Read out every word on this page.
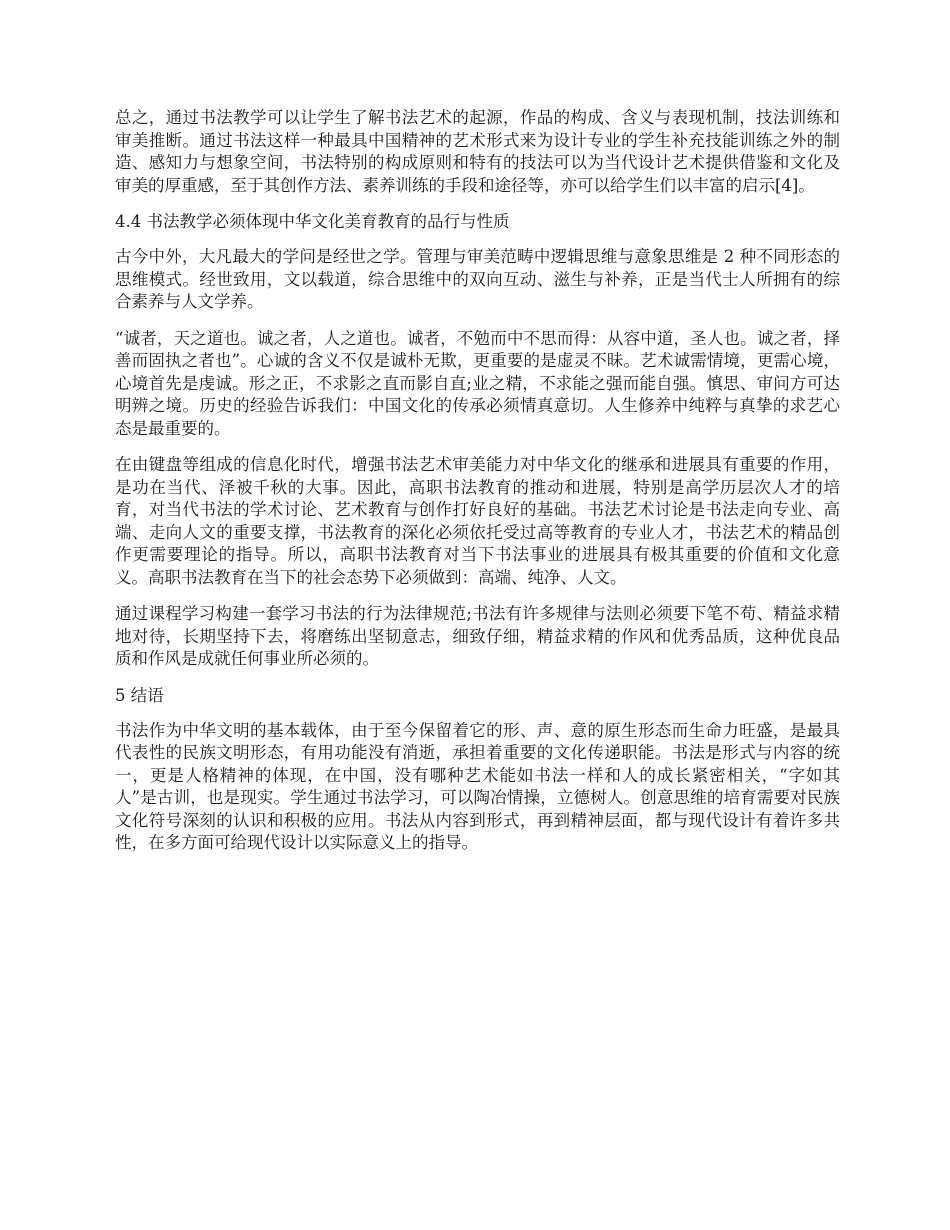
总之，通过书法教学可以让学生了解书法艺术的起源，作品的构成、含义与表现机制，技法训练和审美推断。通过书法这样一种最具中国精神的艺术形式来为设计专业的学生补充技能训练之外的制造、感知力与想象空间，书法特别的构成原则和特有的技法可以为当代设计艺术提供借鉴和文化及审美的厚重感，至于其创作方法、素养训练的手段和途径等，亦可以给学生们以丰富的启示[4]。

4.4 书法教学必须体现中华文化美育教育的品行与性质

古今中外，大凡最大的学问是经世之学。管理与审美范畴中逻辑思维与意象思维是 2 种不同形态的思维模式。经世致用，文以载道，综合思维中的双向互动、滋生与补养，正是当代士人所拥有的综合素养与人文学养。

“诚者，天之道也。诚之者，人之道也。诚者，不勉而中不思而得：从容中道，圣人也。诚之者，择善而固执之者也”。心诚的含义不仅是诚朴无欺，更重要的是虚灵不昧。艺术诚需情境，更需心境，心境首先是虔诚。形之正，不求影之直而影自直;业之精，不求能之强而能自强。慎思、审问方可达明辨之境。历史的经验告诉我们：中国文化的传承必须情真意切。人生修养中纯粹与真挚的求艺心态是最重要的。

在由键盘等组成的信息化时代，增强书法艺术审美能力对中华文化的继承和进展具有重要的作用，是功在当代、泽被千秋的大事。因此，高职书法教育的推动和进展，特别是高学历层次人才的培育，对当代书法的学术讨论、艺术教育与创作打好良好的基础。书法艺术讨论是书法走向专业、高端、走向人文的重要支撑，书法教育的深化必须依托受过高等教育的专业人才，书法艺术的精品创作更需要理论的指导。所以，高职书法教育对当下书法事业的进展具有极其重要的价值和文化意义。高职书法教育在当下的社会态势下必须做到：高端、纯净、人文。

通过课程学习构建一套学习书法的行为法律规范;书法有许多规律与法则必须要下笔不苟、精益求精地对待，长期坚持下去，将磨练出坚韧意志，细致仔细，精益求精的作风和优秀品质，这种优良品质和作风是成就任何事业所必须的。

5 结语

书法作为中华文明的基本载体，由于至今保留着它的形、声、意的原生形态而生命力旺盛，是最具代表性的民族文明形态，有用功能没有消逝，承担着重要的文化传递职能。书法是形式与内容的统一，更是人格精神的体现，在中国，没有哪种艺术能如书法一样和人的成长紧密相关，“字如其人”是古训，也是现实。学生通过书法学习，可以陶冶情操，立德树人。创意思维的培育需要对民族文化符号深刻的认识和积极的应用。书法从内容到形式，再到精神层面，都与现代设计有着许多共性，在多方面可给现代设计以实际意义上的指导。
